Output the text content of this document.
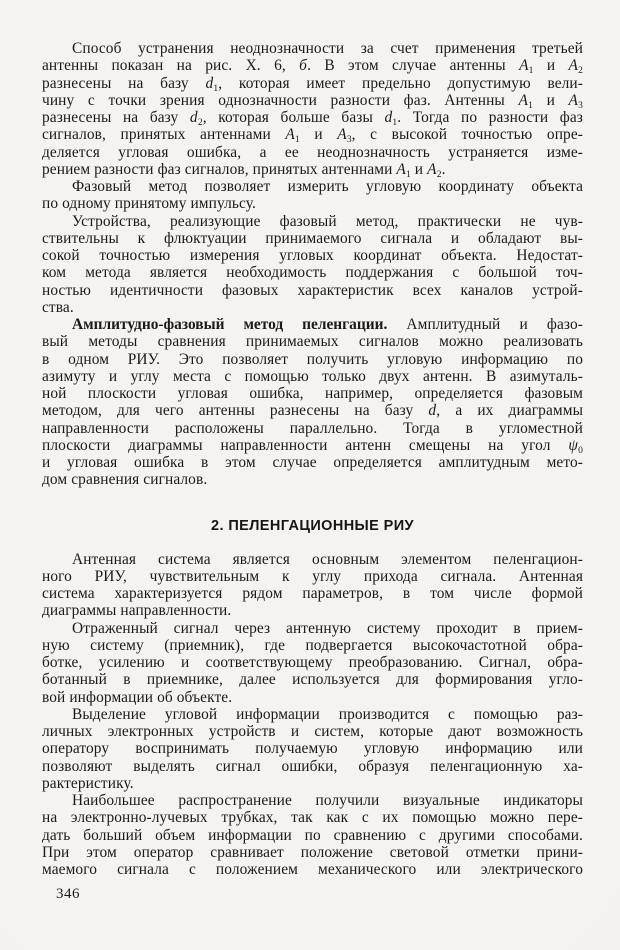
Способ устранения неоднозначности за счет применения третьей
антенны показан на рис. X. 6, б. В этом случае антенны $A_1$ и $A_2$
разнесены на базу $d_1$, которая имеет предельно допустимую вели-
чину с точки зрения однозначности разности фаз. Антенны $A_1$ и $A_3$
разнесены на базу $d_2$, которая больше базы $d_1$. Тогда по разности фаз
сигналов, принятых антеннами $A_1$ и $A_3$, с высокой точностью опре-
деляется угловая ошибка, а ее неоднозначность устраняется изме-
рением разности фаз сигналов, принятых антеннами $A_1$ и $A_2$.

Фазовый метод позволяет измерить угловую координату объекта
по одному принятому импульсу.

Устройства, реализующие фазовый метод, практически не чув-
ствительны к флюктуации принимаемого сигнала и обладают вы-
сокой точностью измерения угловых координат объекта. Недостат-
ком метода является необходимость поддержания с большой точ-
ностью идентичности фазовых характеристик всех каналов устрой-
ства.

Амплитудно-фазовый метод пеленгации. Амплитудный и фазо-
вый методы сравнения принимаемых сигналов можно реализовать
в одном РИУ. Это позволяет получить угловую информацию по
азимуту и углу места с помощью только двух антенн. В азимуталь-
ной плоскости угловая ошибка, например, определяется фазовым
методом, для чего антенны разнесены на базу d, а их диаграммы
направленности расположены параллельно. Тогда в угломестной
плоскости диаграммы направленности антенн смещены на угол $\psi_0$
и угловая ошибка в этом случае определяется амплитудным мето-
дом сравнения сигналов.

2. ПЕЛЕНГАЦИОННЫЕ РИУ

Антенная система является основным элементом пеленгацион-
ного РИУ, чувствительным к углу прихода сигнала. Антенная
система характеризуется рядом параметров, в том числе формой
диаграммы направленности.

Отраженный сигнал через антенную систему проходит в прием-
ную систему (приемник), где подвергается высокочастотной обра-
ботке, усилению и соответствующему преобразованию. Сигнал, обра-
ботанный в приемнике, далее используется для формирования угло-
вой информации об объекте.

Выделение угловой информации производится с помощью раз-
личных электронных устройств и систем, которые дают возможность
оператору воспринимать получаемую угловую информацию или
позволяют выделять сигнал ошибки, образуя пеленгационную ха-
рактеристику.

Наибольшее распространение получили визуальные индикаторы
на электронно-лучевых трубках, так как с их помощью можно пере-
дать больший объем информации по сравнению с другими способами.
При этом оператор сравнивает положение светoвой отметки прини-
маемого сигнала с положением механического или электрического

346
